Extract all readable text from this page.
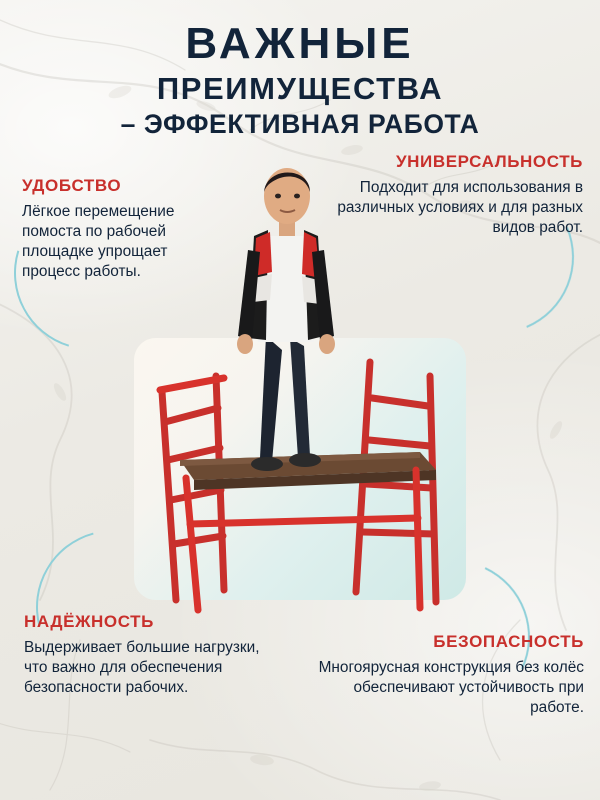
ВАЖНЫЕ
ПРЕИМУЩЕСТВА
– ЭФФЕКТИВНАЯ РАБОТА
УДОБСТВО

Лёгкое перемещение помоста по рабочей площадке упрощает процесс работы.

УНИВЕРСАЛЬНОСТЬ

Подходит для использования в различных условиях и для разных видов работ.

НАДЁЖНОСТЬ

Выдерживает большие нагрузки, что важно для обеспечения безопасности рабочих.

БЕЗОПАСНОСТЬ

Многоярусная конструкция без колёс обеспечивают устойчивость при работе.
